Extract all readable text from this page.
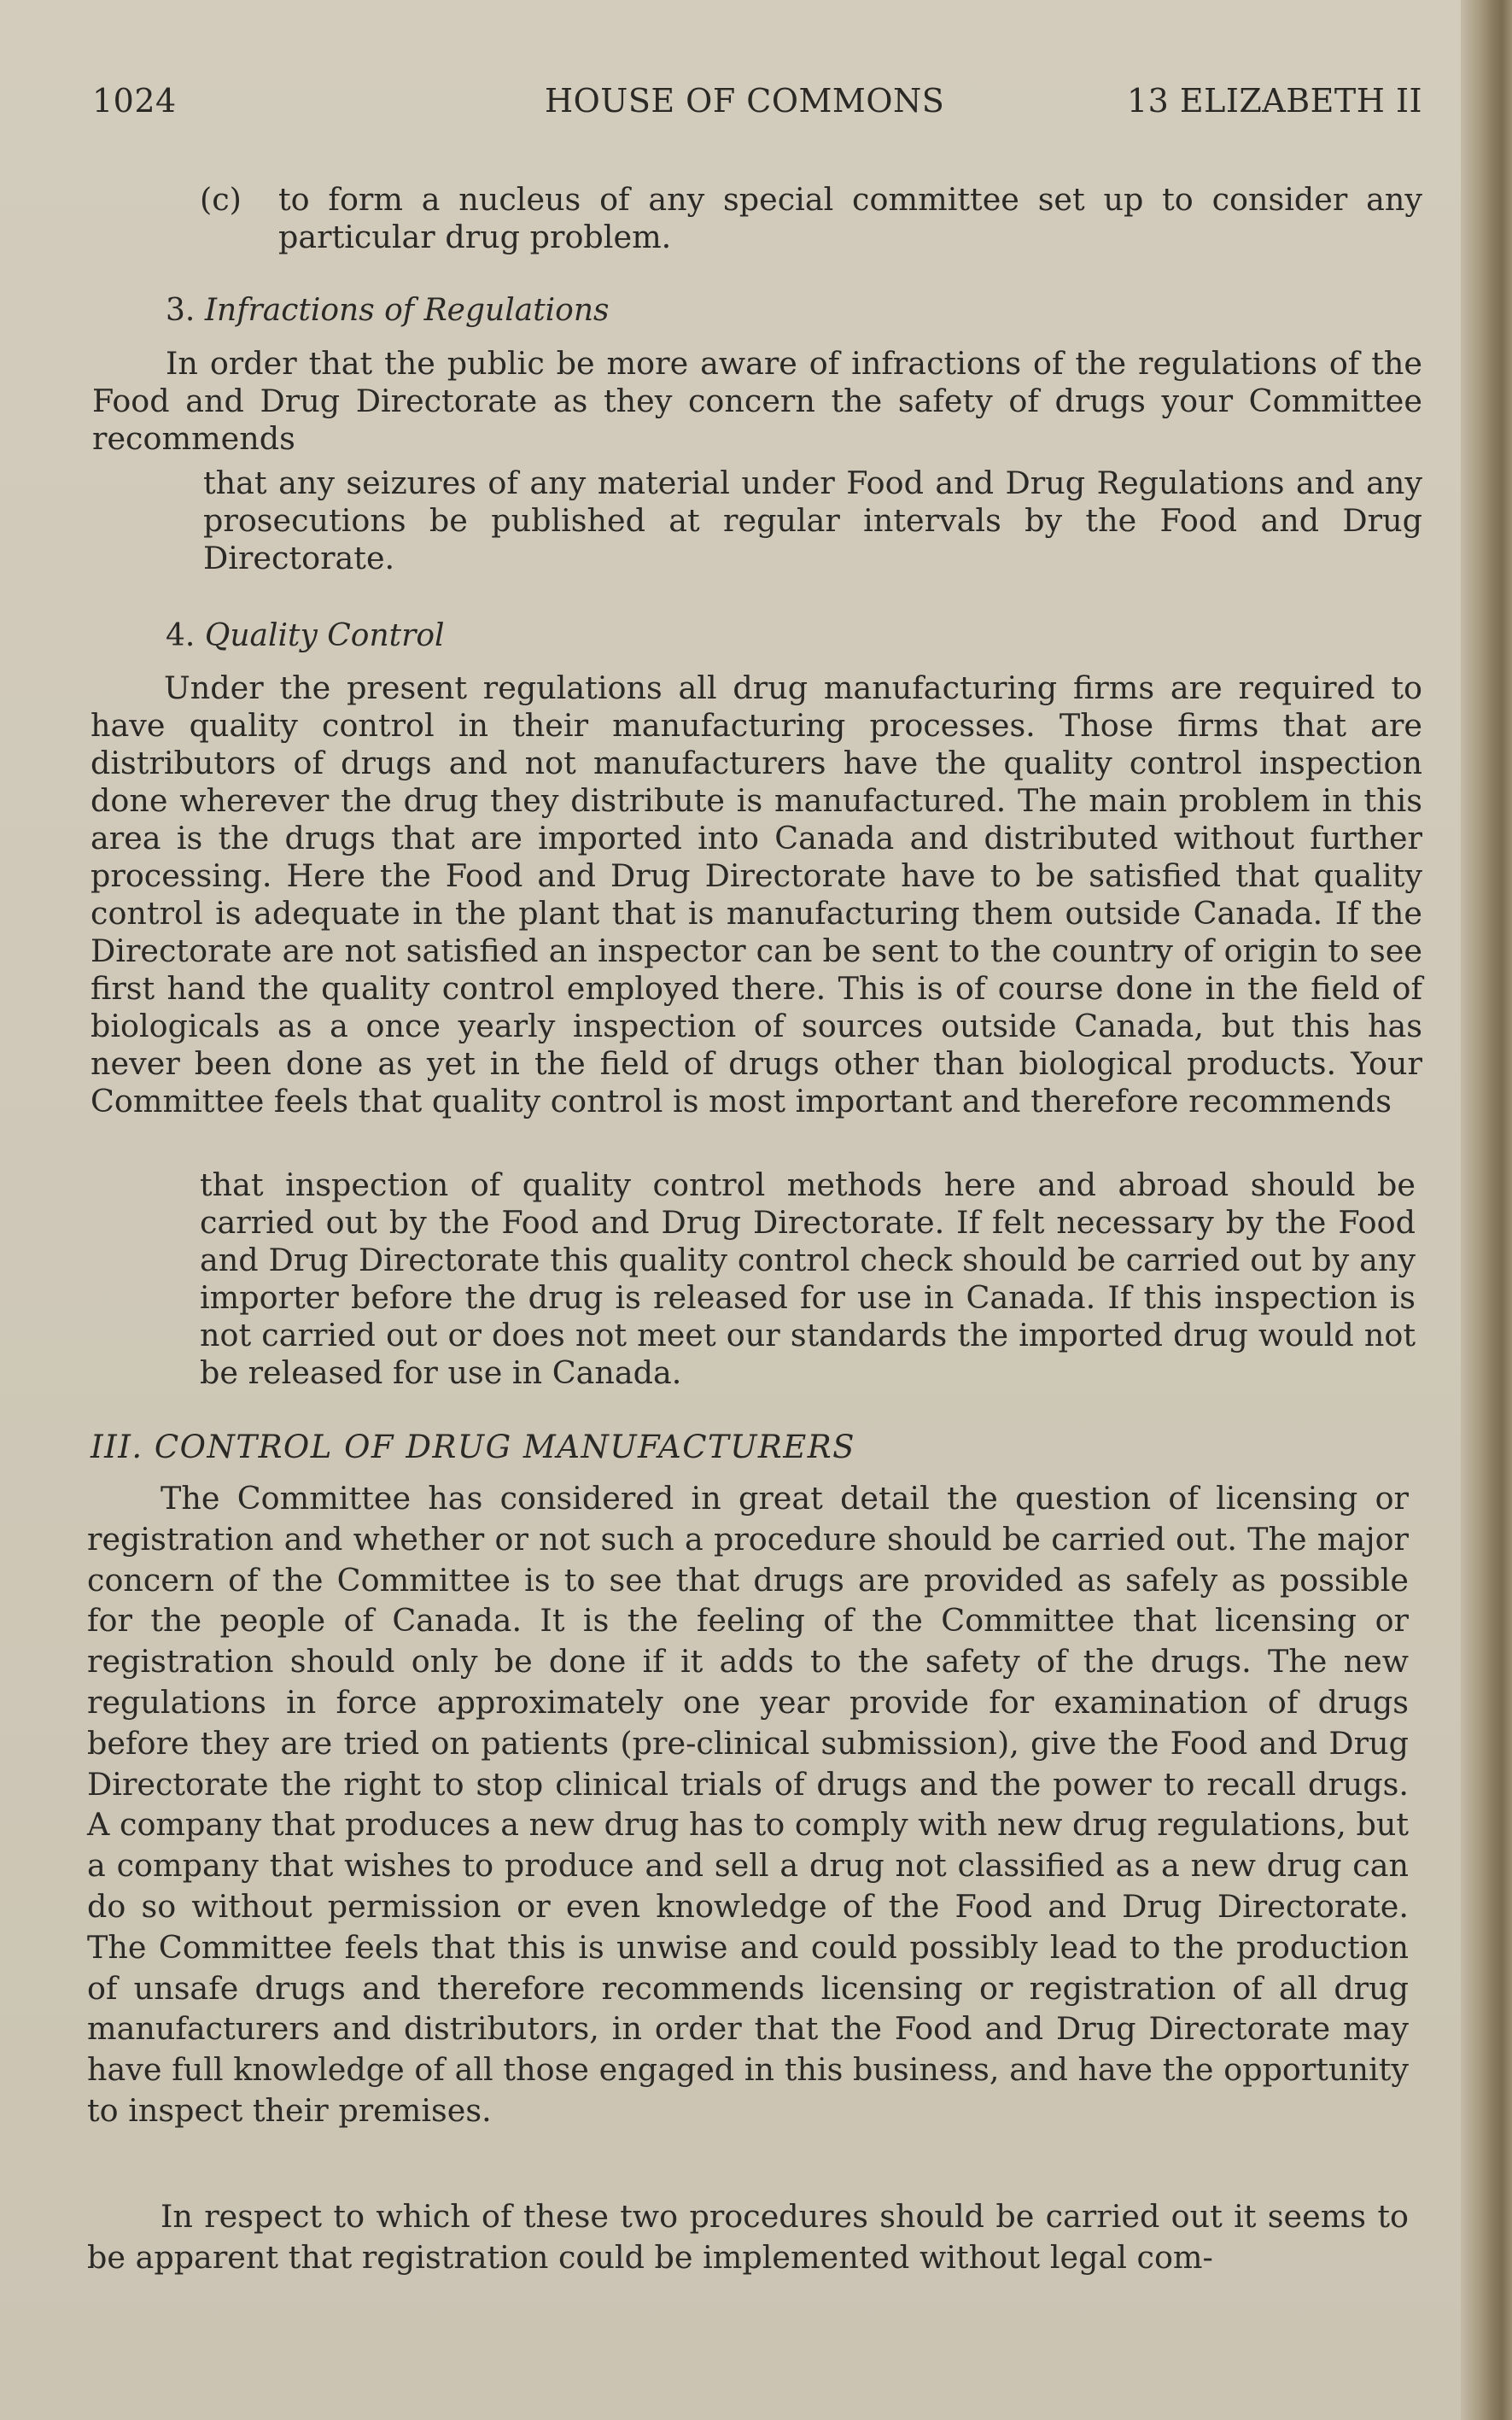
1024	HOUSE OF COMMONS	13 ELIZABETH II
(c) to form a nucleus of any special committee set up to consider any particular drug problem.
3. Infractions of Regulations
In order that the public be more aware of infractions of the regulations of the Food and Drug Directorate as they concern the safety of drugs your Committee recommends
that any seizures of any material under Food and Drug Regulations and any prosecutions be published at regular intervals by the Food and Drug Directorate.
4. Quality Control
Under the present regulations all drug manufacturing firms are required to have quality control in their manufacturing processes. Those firms that are distributors of drugs and not manufacturers have the quality control inspection done wherever the drug they distribute is manufactured. The main problem in this area is the drugs that are imported into Canada and distributed without further processing. Here the Food and Drug Directorate have to be satisfied that quality control is adequate in the plant that is manufacturing them outside Canada. If the Directorate are not satisfied an inspector can be sent to the country of origin to see first hand the quality control employed there. This is of course done in the field of biologicals as a once yearly inspection of sources outside Canada, but this has never been done as yet in the field of drugs other than biological products. Your Committee feels that quality control is most important and therefore recommends
that inspection of quality control methods here and abroad should be carried out by the Food and Drug Directorate. If felt necessary by the Food and Drug Directorate this quality control check should be carried out by any importer before the drug is released for use in Canada. If this inspection is not carried out or does not meet our standards the imported drug would not be released for use in Canada.
III. CONTROL OF DRUG MANUFACTURERS
The Committee has considered in great detail the question of licensing or registration and whether or not such a procedure should be carried out. The major concern of the Committee is to see that drugs are provided as safely as possible for the people of Canada. It is the feeling of the Committee that licensing or registration should only be done if it adds to the safety of the drugs. The new regulations in force approximately one year provide for examination of drugs before they are tried on patients (pre-clinical submission), give the Food and Drug Directorate the right to stop clinical trials of drugs and the power to recall drugs. A company that produces a new drug has to comply with new drug regulations, but a company that wishes to produce and sell a drug not classified as a new drug can do so without permission or even knowledge of the Food and Drug Directorate. The Committee feels that this is unwise and could possibly lead to the production of unsafe drugs and therefore recommends licensing or registration of all drug manufacturers and distributors, in order that the Food and Drug Directorate may have full knowledge of all those engaged in this business, and have the opportunity to inspect their premises.
In respect to which of these two procedures should be carried out it seems to be apparent that registration could be implemented without legal com-
